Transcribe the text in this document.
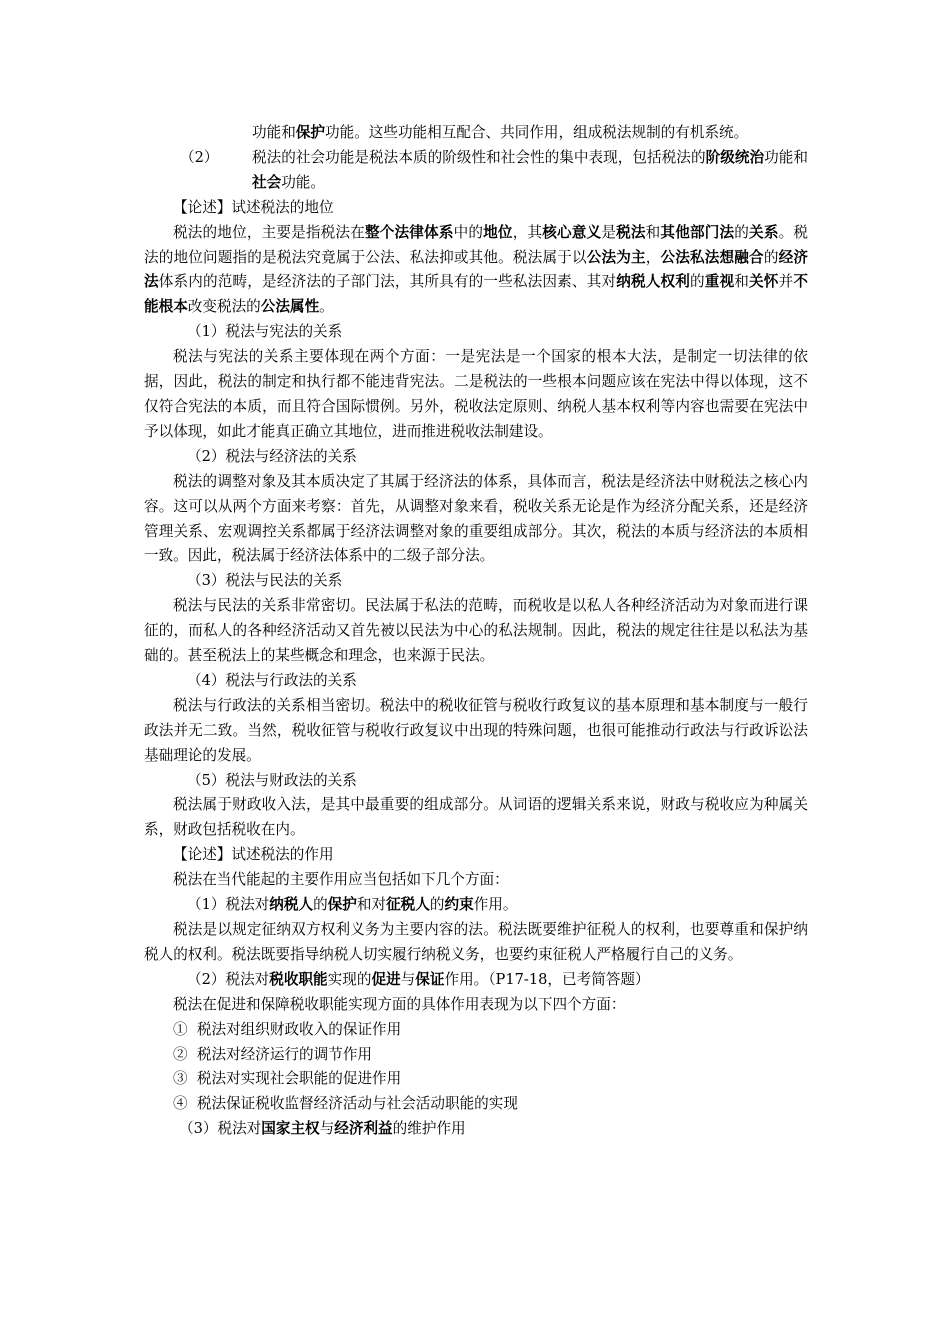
功能和保护功能。这些功能相互配合、共同作用，组成税法规制的有机系统。

（2）	税法的社会功能是税法本质的阶级性和社会性的集中表现，包括税法的阶级统治功能和社会功能。

【论述】试述税法的地位

税法的地位，主要是指税法在整个法律体系中的地位，其核心意义是税法和其他部门法的关系。税法的地位问题指的是税法究竟属于公法、私法抑或其他。税法属于以公法为主，公法私法想融合的经济法体系内的范畴，是经济法的子部门法，其所具有的一些私法因素、其对纳税人权利的重视和关怀并不能根本改变税法的公法属性。

（1）税法与宪法的关系

税法与宪法的关系主要体现在两个方面：一是宪法是一个国家的根本大法，是制定一切法律的依据，因此，税法的制定和执行都不能违背宪法。二是税法的一些根本问题应该在宪法中得以体现，这不仅符合宪法的本质，而且符合国际惯例。另外，税收法定原则、纳税人基本权利等内容也需要在宪法中予以体现，如此才能真正确立其地位，进而推进税收法制建设。

（2）税法与经济法的关系

税法的调整对象及其本质决定了其属于经济法的体系，具体而言，税法是经济法中财税法之核心内容。这可以从两个方面来考察：首先，从调整对象来看，税收关系无论是作为经济分配关系，还是经济管理关系、宏观调控关系都属于经济法调整对象的重要组成部分。其次，税法的本质与经济法的本质相一致。因此，税法属于经济法体系中的二级子部分法。

（3）税法与民法的关系

税法与民法的关系非常密切。民法属于私法的范畴，而税收是以私人各种经济活动为对象而进行课征的，而私人的各种经济活动又首先被以民法为中心的私法规制。因此，税法的规定往往是以私法为基础的。甚至税法上的某些概念和理念，也来源于民法。

（4）税法与行政法的关系

税法与行政法的关系相当密切。税法中的税收征管与税收行政复议的基本原理和基本制度与一般行政法并无二致。当然，税收征管与税收行政复议中出现的特殊问题，也很可能推动行政法与行政诉讼法基础理论的发展。

（5）税法与财政法的关系

税法属于财政收入法，是其中最重要的组成部分。从词语的逻辑关系来说，财政与税收应为种属关系，财政包括税收在内。

【论述】试述税法的作用

税法在当代能起的主要作用应当包括如下几个方面：

（1）税法对纳税人的保护和对征税人的约束作用。

税法是以规定征纳双方权利义务为主要内容的法。税法既要维护征税人的权利，也要尊重和保护纳税人的权利。税法既要指导纳税人切实履行纳税义务，也要约束征税人严格履行自己的义务。

（2）税法对税收职能实现的促进与保证作用。（P17-18，已考简答题）

税法在促进和保障税收职能实现方面的具体作用表现为以下四个方面：

① 税法对组织财政收入的保证作用

② 税法对经济运行的调节作用

③ 税法对实现社会职能的促进作用

④ 税法保证税收监督经济活动与社会活动职能的实现

（3）税法对国家主权与经济利益的维护作用
